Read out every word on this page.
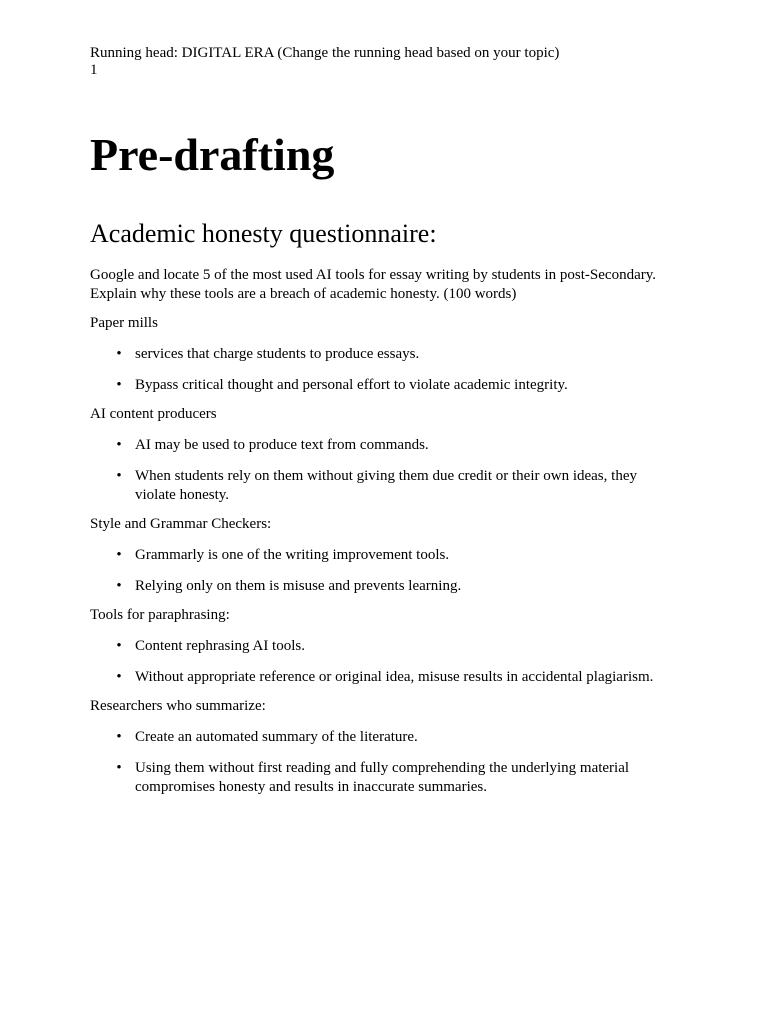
Running head: DIGITAL ERA (Change the running head based on your topic)

1

Pre-drafting
Academic honesty questionnaire:

Google and locate 5 of the most used AI tools for essay writing by students in post-Secondary. Explain why these tools are a breach of academic honesty. (100 words)

Paper mills

• services that charge students to produce essays.
• Bypass critical thought and personal effort to violate academic integrity.

AI content producers

• AI may be used to produce text from commands.
• When students rely on them without giving them due credit or their own ideas, they violate honesty.

Style and Grammar Checkers:

• Grammarly is one of the writing improvement tools.
• Relying only on them is misuse and prevents learning.

Tools for paraphrasing:

• Content rephrasing AI tools.
• Without appropriate reference or original idea, misuse results in accidental plagiarism.

Researchers who summarize:

• Create an automated summary of the literature.
• Using them without first reading and fully comprehending the underlying material compromises honesty and results in inaccurate summaries.
